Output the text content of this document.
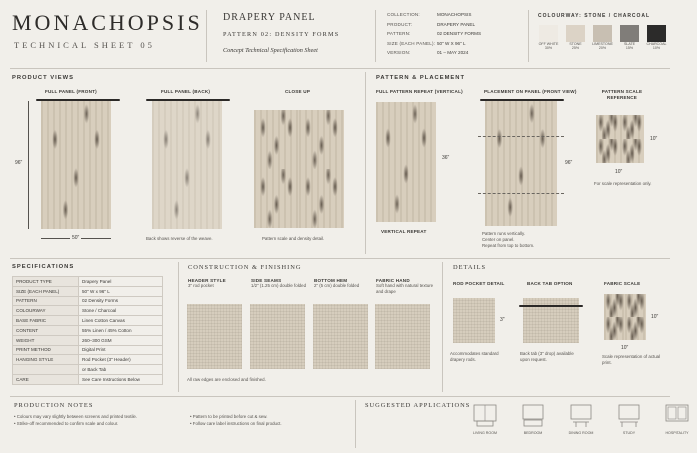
MONACHOPSIS
TECHNICAL SHEET 05
DRAPERY PANEL
PATTERN 02: DENSITY FORMS
Concept Technical Specification Sheet
COLLECTION:	MONACHOPSIS
PRODUCT:	DRAPERY PANEL
PATTERN:	02 DENSITY FORMS
SIZE (EACH PANEL): 50" W X 96" L
VERSION:	01 – MAY 2024
COLOURWAY: STONE / CHARCOAL
OFF WHITE
30%
STONE
25%
LIMESTONE
20%
SLATE
15%
CHARCOAL
10%
PRODUCT VIEWS
FULL PANEL (FRONT)	FULL PANEL (BACK)	CLOSE UP
96"
50"	Back shows reverse of the weave.	Pattern scale and density detail.
PATTERN & PLACEMENT
FULL PATTERN REPEAT (VERTICAL)	PLACEMENT ON PANEL (FRONT VIEW)	PATTERN SCALE REFERENCE
36"
VERTICAL REPEAT
96"
Pattern runs vertically.
Center on panel.
Repeat from top to bottom.
10"
10"
For scale representation only.
SPECIFICATIONS
PRODUCT TYPE	Drapery Panel
SIZE (EACH PANEL)	50" W x 96" L
PATTERN	02 Density Forms
COLOURWAY	Stone / Charcoal
BASE FABRIC	Linen Cotton Canvas
CONTENT	55% Linen / 45% Cotton
WEIGHT	260–300 GSM
PRINT METHOD	Digital Print
HANGING STYLE	Rod Pocket (3" Header)
	or Back Tab
CARE	See Care Instructions Below
CONSTRUCTION & FINISHING
HEADER STYLE
3" rod pocket
SIDE SEAMS
1/2" (1.25 cm) double folded
BOTTOM HEM
2" (5 cm) double folded
FABRIC HAND
Soft hand with natural texture and drape
All raw edges are enclosed and finished.
DETAILS
ROD POCKET DETAIL
3"
Accommodates standard drapery rods.
BACK TAB OPTION
Back tab (3" drop) available upon request.
FABRIC SCALE
10"
10"
Scale representation of actual print.
PRODUCTION NOTES
• Colours may vary slightly between screens and printed textile.
• Strike-off recommended to confirm scale and colour.
• Pattern to be printed before cut & sew.
• Follow care label instructions on final product.
SUGGESTED APPLICATIONS
LIVING ROOM	BEDROOM	DINING ROOM	STUDY	HOSPITALITY
